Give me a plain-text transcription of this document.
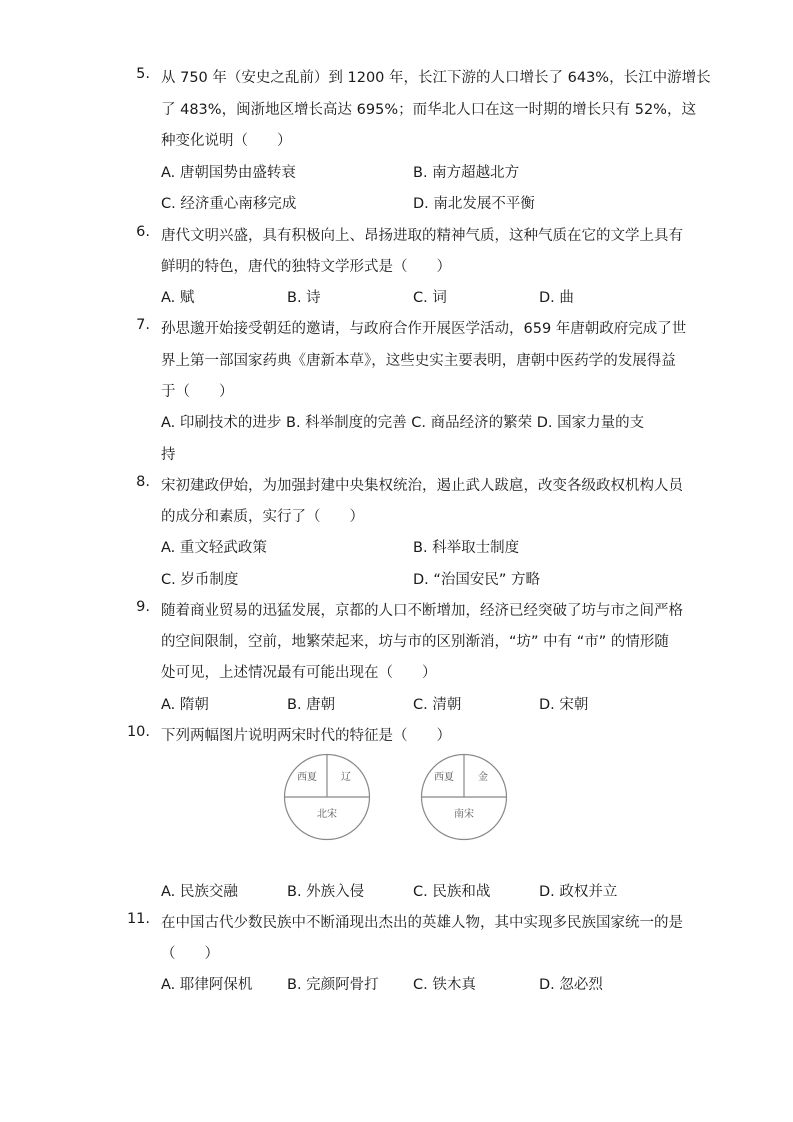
5. 从 750 年（安史之乱前）到 1200 年，长江下游的人口增长了 643%，长江中游增长
了 483%，闽浙地区增长高达 695%；而华北人口在这一时期的增长只有 52%，这
种变化说明（　　）
A. 唐朝国势由盛转衰	B. 南方超越北方
C. 经济重心南移完成	D. 南北发展不平衡
6. 唐代文明兴盛，具有积极向上、昂扬进取的精神气质，这种气质在它的文学上具有
鲜明的特色，唐代的独特文学形式是（　　）
A. 赋	B. 诗	C. 词	D. 曲
7. 孙思邈开始接受朝廷的邀请，与政府合作开展医学活动，659 年唐朝政府完成了世
界上第一部国家药典《唐新本草》，这些史实主要表明，唐朝中医药学的发展得益
于（　　）
A. 印刷技术的进步 B. 科举制度的完善 C. 商品经济的繁荣 D. 国家力量的支
持
8. 宋初建政伊始，为加强封建中央集权统治，遏止武人跋扈，改变各级政权机构人员
的成分和素质，实行了（　　）
A. 重文轻武政策	B. 科举取士制度
C. 岁币制度	D. “治国安民” 方略
9. 随着商业贸易的迅猛发展，京都的人口不断增加，经济已经突破了坊与市之间严格
的空间限制，空前，地繁荣起来，坊与市的区别渐消，“坊” 中有 “市” 的情形随
处可见，上述情况最有可能出现在（　　）
A. 隋朝	B. 唐朝	C. 清朝	D. 宋朝
10. 下列两幅图片说明两宋时代的特征是（　　）
西夏 辽
北宋
西夏 金
南宋
A. 民族交融	B. 外族入侵	C. 民族和战	D. 政权并立
11. 在中国古代少数民族中不断涌现出杰出的英雄人物，其中实现多民族国家统一的是
（　　）
A. 耶律阿保机 B. 完颜阿骨打 C. 铁木真	D. 忽必烈
